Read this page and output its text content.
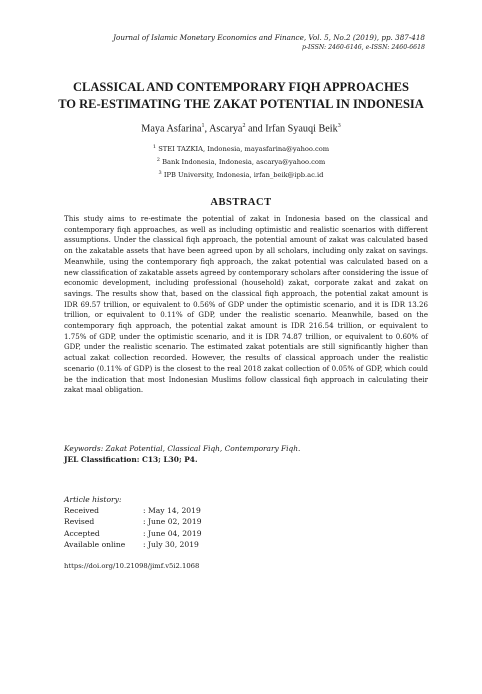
Journal of Islamic Monetary Economics and Finance, Vol. 5, No.2 (2019), pp. 387-418
p-ISSN: 2460-6146, e-ISSN: 2460-6618
CLASSICAL AND CONTEMPORARY FIQH APPROACHES
TO RE-ESTIMATING THE ZAKAT POTENTIAL IN INDONESIA
Maya Asfarina$^1$, Ascarya$^2$ and Irfan Syauqi Beik$^3$
$^1$ STEI TAZKIA, Indonesia, mayasfarina@yahoo.com
$^2$ Bank Indonesia, Indonesia, ascarya@yahoo.com
$^3$ IPB University, Indonesia, irfan_beik@ipb.ac.id
ABSTRACT

This study aims to re-estimate the potential of zakat in Indonesia based on the classical and contemporary fiqh approaches, as well as including optimistic and realistic scenarios with different assumptions. Under the classical fiqh approach, the potential amount of zakat was calculated based on the zakatable assets that have been agreed upon by all scholars, including only zakat on savings. Meanwhile, using the contemporary fiqh approach, the zakat potential was calculated based on a new classification of zakatable assets agreed by contemporary scholars after considering the issue of economic development, including professional (household) zakat, corporate zakat and zakat on savings. The results show that, based on the classical fiqh approach, the potential zakat amount is IDR 69.57 trillion, or equivalent to 0.56% of GDP under the optimistic scenario, and it is IDR 13.26 trillion, or equivalent to 0.11% of GDP, under the realistic scenario. Meanwhile, based on the contemporary fiqh approach, the potential zakat amount is IDR 216.54 trillion, or equivalent to 1.75% of GDP, under the optimistic scenario, and it is IDR 74.87 trillion, or equivalent to 0.60% of GDP, under the realistic scenario. The estimated zakat potentials are still significantly higher than actual zakat collection recorded. However, the results of classical approach under the realistic scenario (0.11% of GDP) is the closest to the real 2018 zakat collection of 0.05% of GDP, which could be the indication that most Indonesian Muslims follow classical fiqh approach in calculating their zakat maal obligation.

Keywords: Zakat Potential, Classical Fiqh, Contemporary Fiqh.
JEL Classification: C13; L30; P4.
Article history:
Received	: May 14, 2019
Revised	: June 02, 2019
Accepted	: June 04, 2019
Available online	: July 30, 2019
https://doi.org/10.21098/jimf.v5i2.1068
